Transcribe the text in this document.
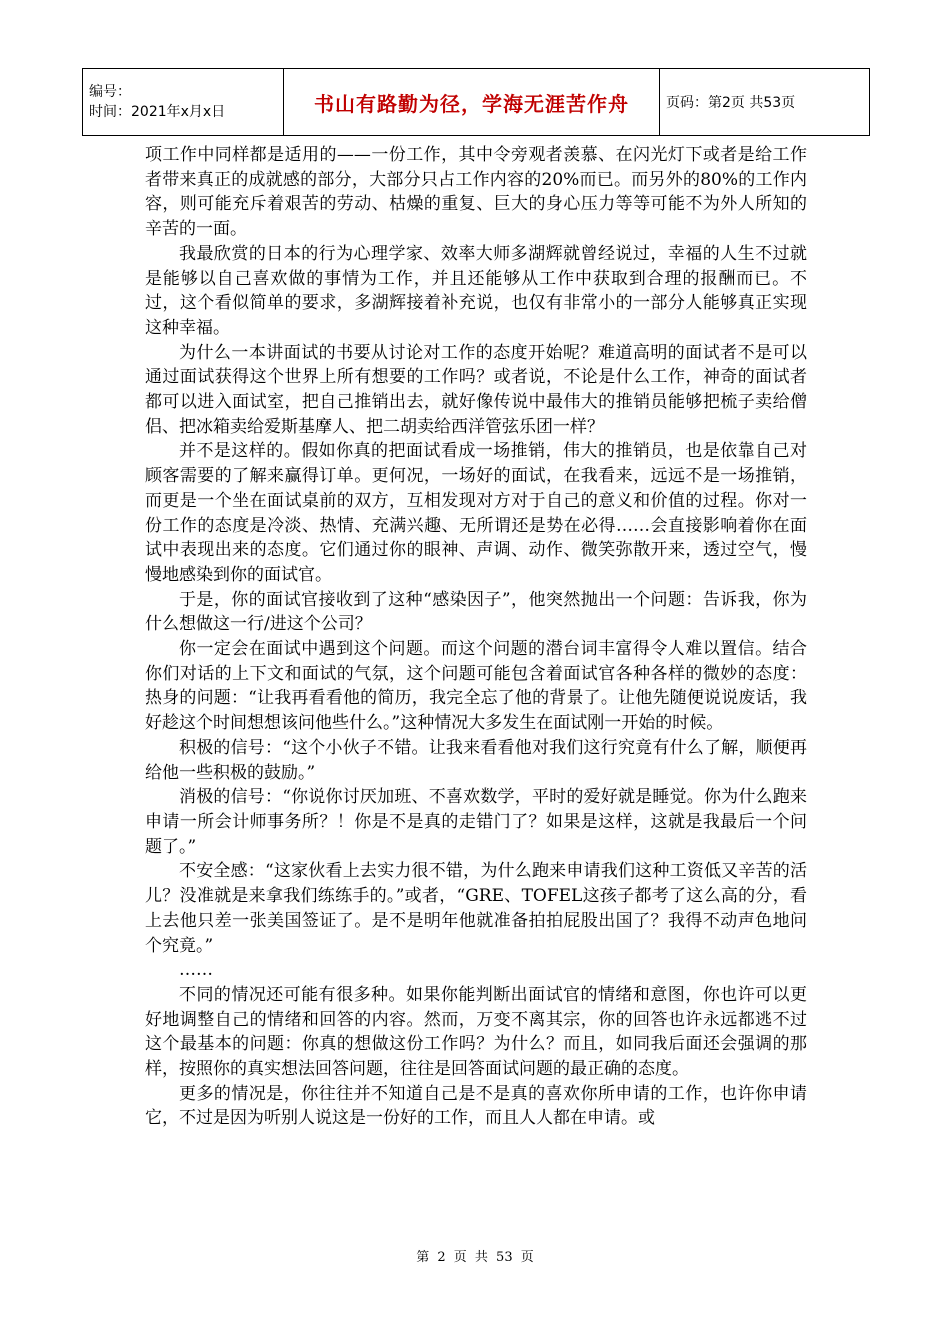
编号：
时间：2021年x月x日	书山有路勤为径，学海无涯苦作舟	页码：第2页 共53页

项工作中同样都是适用的——一份工作，其中令旁观者羡慕、在闪光灯下或者是给工作者带来真正的成就感的部分，大部分只占工作内容的20%而已。而另外的80%的工作内容，则可能充斥着艰苦的劳动、枯燥的重复、巨大的身心压力等等可能不为外人所知的辛苦的一面。

我最欣赏的日本的行为心理学家、效率大师多湖辉就曾经说过，幸福的人生不过就是能够以自己喜欢做的事情为工作，并且还能够从工作中获取到合理的报酬而已。不过，这个看似简单的要求，多湖辉接着补充说，也仅有非常小的一部分人能够真正实现这种幸福。

为什么一本讲面试的书要从讨论对工作的态度开始呢？难道高明的面试者不是可以通过面试获得这个世界上所有想要的工作吗？或者说，不论是什么工作，神奇的面试者都可以进入面试室，把自己推销出去，就好像传说中最伟大的推销员能够把梳子卖给僧侣、把冰箱卖给爱斯基摩人、把二胡卖给西洋管弦乐团一样？

并不是这样的。假如你真的把面试看成一场推销，伟大的推销员，也是依靠自己对顾客需要的了解来赢得订单。更何况，一场好的面试，在我看来，远远不是一场推销，而更是一个坐在面试桌前的双方，互相发现对方对于自己的意义和价值的过程。你对一份工作的态度是冷淡、热情、充满兴趣、无所谓还是势在必得……会直接影响着你在面试中表现出来的态度。它们通过你的眼神、声调、动作、微笑弥散开来，透过空气，慢慢地感染到你的面试官。

于是，你的面试官接收到了这种“感染因子”，他突然抛出一个问题：告诉我，你为什么想做这一行/进这个公司？

你一定会在面试中遇到这个问题。而这个问题的潜台词丰富得令人难以置信。结合你们对话的上下文和面试的气氛，这个问题可能包含着面试官各种各样的微妙的态度：热身的问题：“让我再看看他的简历，我完全忘了他的背景了。让他先随便说说废话，我好趁这个时间想想该问他些什么。”这种情况大多发生在面试刚一开始的时候。

积极的信号：“这个小伙子不错。让我来看看他对我们这行究竟有什么了解，顺便再给他一些积极的鼓励。”

消极的信号：“你说你讨厌加班、不喜欢数学，平时的爱好就是睡觉。你为什么跑来申请一所会计师事务所？！你是不是真的走错门了？如果是这样，这就是我最后一个问题了。”

不安全感：“这家伙看上去实力很不错，为什么跑来申请我们这种工资低又辛苦的活儿？没准就是来拿我们练练手的。”或者，“GRE、TOFEL这孩子都考了这么高的分，看上去他只差一张美国签证了。是不是明年他就准备拍拍屁股出国了？我得不动声色地问个究竟。”

……

不同的情况还可能有很多种。如果你能判断出面试官的情绪和意图，你也许可以更好地调整自己的情绪和回答的内容。然而，万变不离其宗，你的回答也许永远都逃不过这个最基本的问题：你真的想做这份工作吗？为什么？而且，如同我后面还会强调的那样，按照你的真实想法回答问题，往往是回答面试问题的最正确的态度。

更多的情况是，你往往并不知道自己是不是真的喜欢你所申请的工作，也许你申请它，不过是因为听别人说这是一份好的工作，而且人人都在申请。或

第 2 页 共 53 页
